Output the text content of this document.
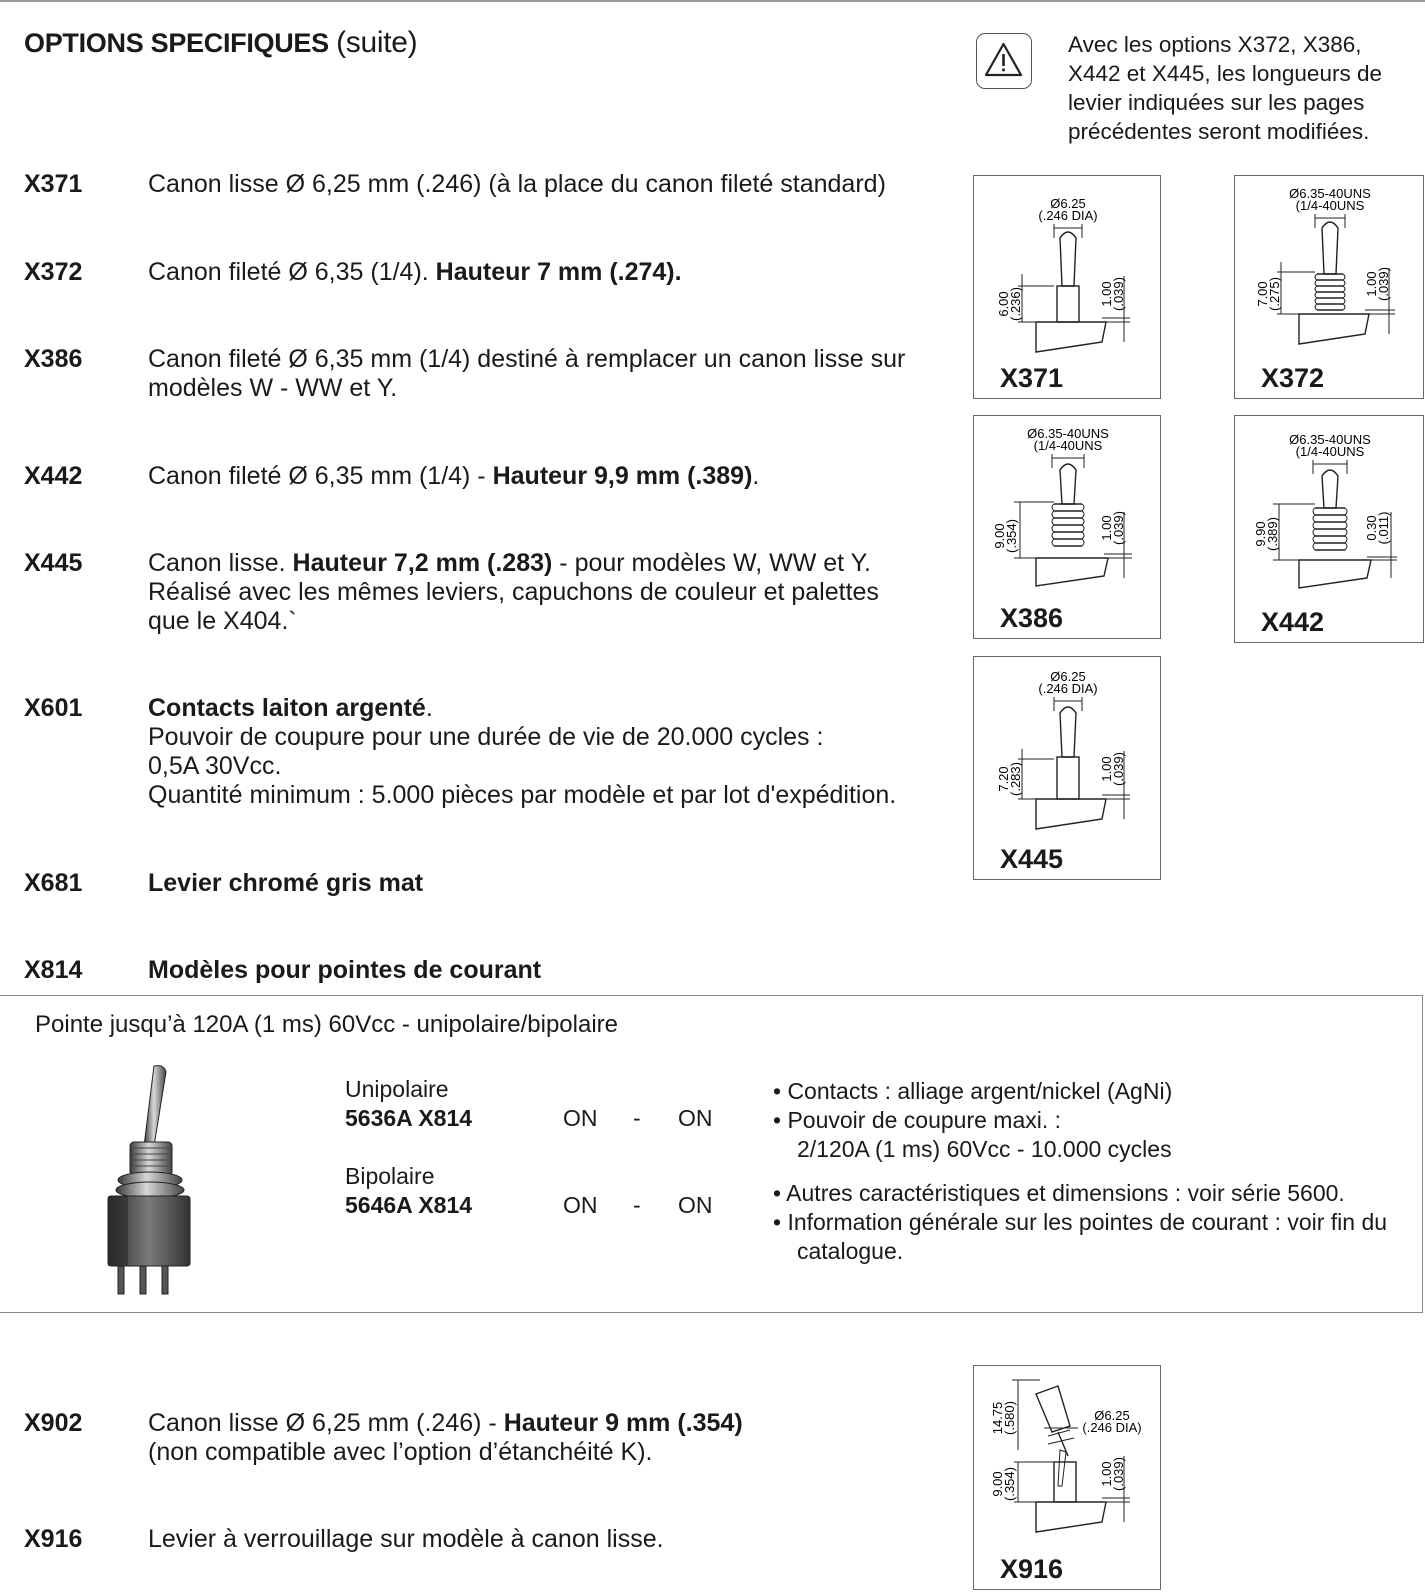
OPTIONS SPECIFIQUES (suite)	Avec les options X372, X386,
X442 et X445, les longueurs de
levier indiquées sur les pages
précédentes seront modifiées.
X371	Canon lisse Ø 6,25 mm (.246) (à la place du canon fileté standard)
X372	Canon fileté Ø 6,35 (1/4). Hauteur 7 mm (.274).
X386	Canon fileté Ø 6,35 mm (1/4) destiné à remplacer un canon lisse sur
modèles W - WW et Y.
X442	Canon fileté Ø 6,35 mm (1/4) - Hauteur 9,9 mm (.389).
X445	Canon lisse. Hauteur 7,2 mm (.283) - pour modèles W, WW et Y.
Réalisé avec les mêmes leviers, capuchons de couleur et palettes
que le X404.`
X601	Contacts laiton argenté.
Pouvoir de coupure pour une durée de vie de 20.000 cycles :
0,5A 30Vcc.
Quantité minimum : 5.000 pièces par modèle et par lot d'expédition.
X681	Levier chromé gris mat
X814	Modèles pour pointes de courant
X902	Canon lisse Ø 6,25 mm (.246) - Hauteur 9 mm (.354)
(non compatible avec l’option d’étanchéité K).
X916	Levier à verrouillage sur modèle à canon lisse.
Ø6.25
(.246 DIA)
6.00
(.236)	1.00
(.039)
X371
Ø6.35-40UNS
(1/4-40UNS
7.00
(.275)	1.00
(.039)
X372
Ø6.35-40UNS
(1/4-40UNS
9.00
(.354)	1.00
(.039)
X386
Ø6.35-40UNS
(1/4-40UNS
9.90
(.389)	0.30
(.011)
X442
Ø6.25
(.246 DIA)
7.20
(.283)	1.00
(.039)
X445
14.75
(.580)
9.00
(.354)
Ø6.25
(.246 DIA)
1.00
(.039)
X916
Pointe jusqu’à 120A (1 ms) 60Vcc - unipolaire/bipolaire
Unipolaire
5636A X814	ON - ON
Bipolaire
5646A X814	ON - ON
• Contacts : alliage argent/nickel (AgNi)
• Pouvoir de coupure maxi. :
2/120A (1 ms) 60Vcc - 10.000 cycles
• Autres caractéristiques et dimensions : voir série 5600.
• Information générale sur les pointes de courant : voir fin du
catalogue.
